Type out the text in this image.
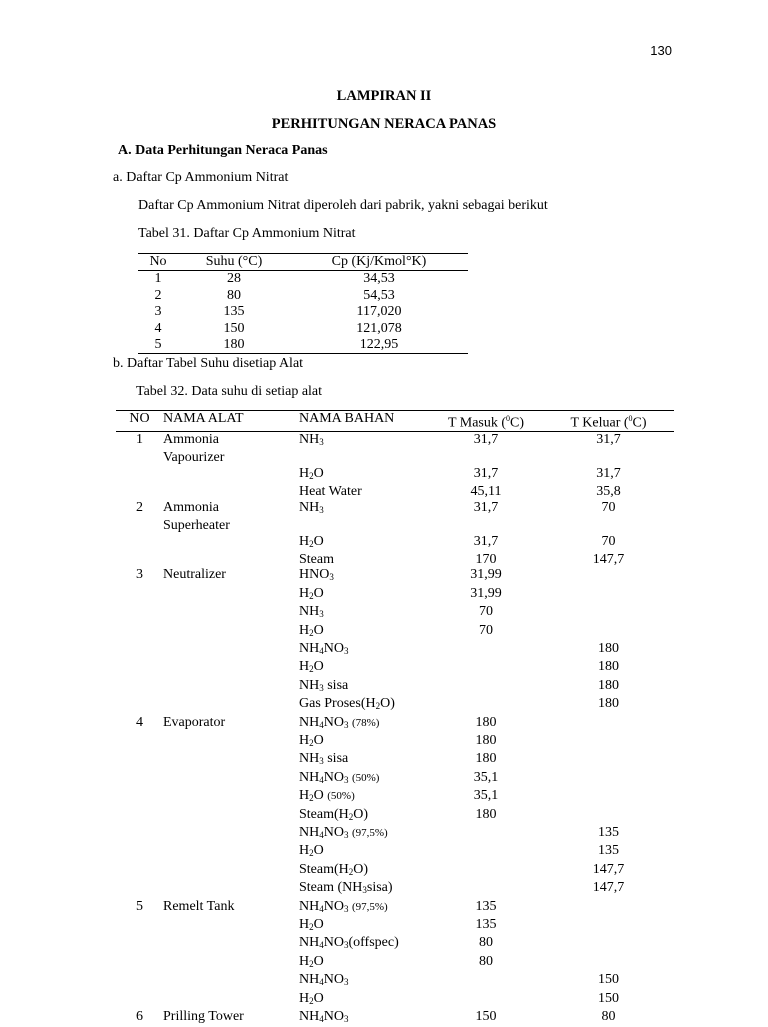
130
LAMPIRAN II
PERHITUNGAN NERACA PANAS
A. Data Perhitungan Neraca Panas
a. Daftar Cp Ammonium Nitrat
Daftar Cp Ammonium Nitrat diperoleh dari pabrik, yakni sebagai berikut
Tabel 31. Daftar Cp Ammonium Nitrat
No	Suhu (°C)	Cp (Kj/Kmol°K)
1	28	34,53
2	80	54,53
3	135	117,020
4	150	121,078
5	180	122,95
b. Daftar Tabel Suhu disetiap Alat
Tabel 32. Data suhu di setiap alat
NO	NAMA ALAT	NAMA BAHAN	T Masuk ($^0$C)	T Keluar ($^0$C)
1	Ammonia	$NH_3$	31,7	31,7
	Vapourizer			
		$H_2O$	31,7	31,7
		Heat Water	45,11	35,8
2	Ammonia	$NH_3$	31,7	70
	Superheater			
		$H_2O$	31,7	70
		Steam	170	147,7
3	Neutralizer	$HNO_3$	31,99	
		$H_2O$	31,99	
		$NH_3$	70	
		$H_2O$	70	
		$NH_4NO_3$		180
		$H_2O$		180
		$NH_3$ sisa		180
		Gas $Proses(H_2O)$		180
4	Evaporator	$NH_4NO_3$ (78%)	180	
		$H_2O$	180	
		$NH_3$ sisa	180	
		$NH_4NO_3$ (50%)	35,1	
		$H_2O$ (50%)	35,1	
		$Steam(H_2O)$	180	
		$NH_4NO_3$ (97,5%)		135
		$H_2O$		135
		$Steam(H_2O)$		147,7
		Steam $(NH_3sisa)$		147,7
5	Remelt Tank	$NH_4NO_3$ (97,5%)	135	
		$H_2O$	135	
		$NH_4NO_3(offspec)$	80	
		$H_2O$	80	
		$NH_4NO_3$		150
		$H_2O$		150
6	Prilling Tower	$NH_4NO_3$	150	80
